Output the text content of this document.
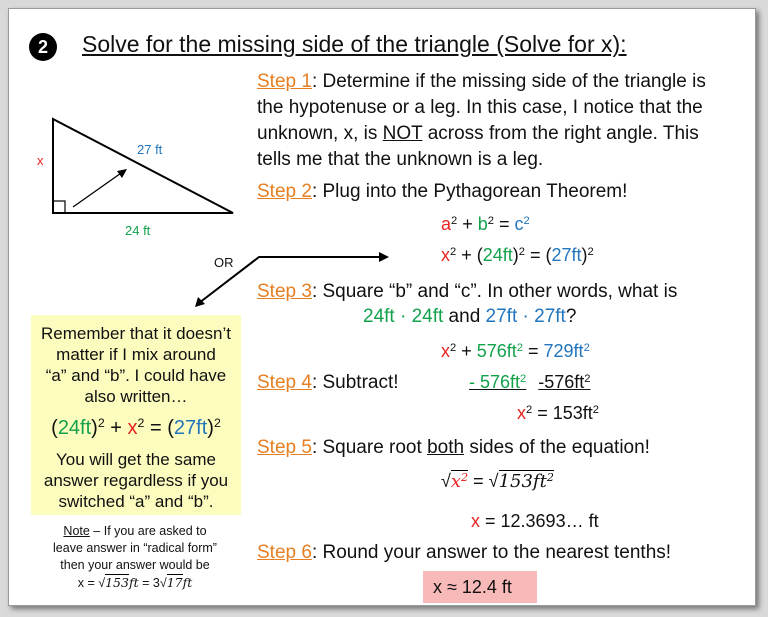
2 Solve for the missing side of the triangle (Solve for x):
x
27 ft
24 ft
OR
Step 1: Determine if the missing side of the triangle is
the hypotenuse or a leg. In this case, I notice that the
unknown, x, is NOT across from the right angle. This
tells me that the unknown is a leg.
Step 2: Plug into the Pythagorean Theorem!
$a^2 + b^2 = c^2$
$x^2 + (24ft)^2 = (27ft)^2$
Step 3: Square “b” and “c”. In other words, what is
24ft · 24ft and 27ft · 27ft?
$x^2 + 576ft^2 = 729ft^2$
Step 4: Subtract!	- $576ft^2$ $-576ft^2$
$x^2 = 153ft^2$
Step 5: Square root both sides of the equation!
$√x^2 = √153ft^2$
x = 12.3693… ft
Step 6: Round your answer to the nearest tenths!
x ≈ 12.4 ft
Remember that it doesn’t
matter if I mix around
“a” and “b”. I could have
also written…
$(24ft)^2 + x^2 = (27ft)^2$
You will get the same
answer regardless if you
switched “a” and “b”.
Note – If you are asked to
leave answer in “radical form”
then your answer would be
x = √153ft = 3√17ft
